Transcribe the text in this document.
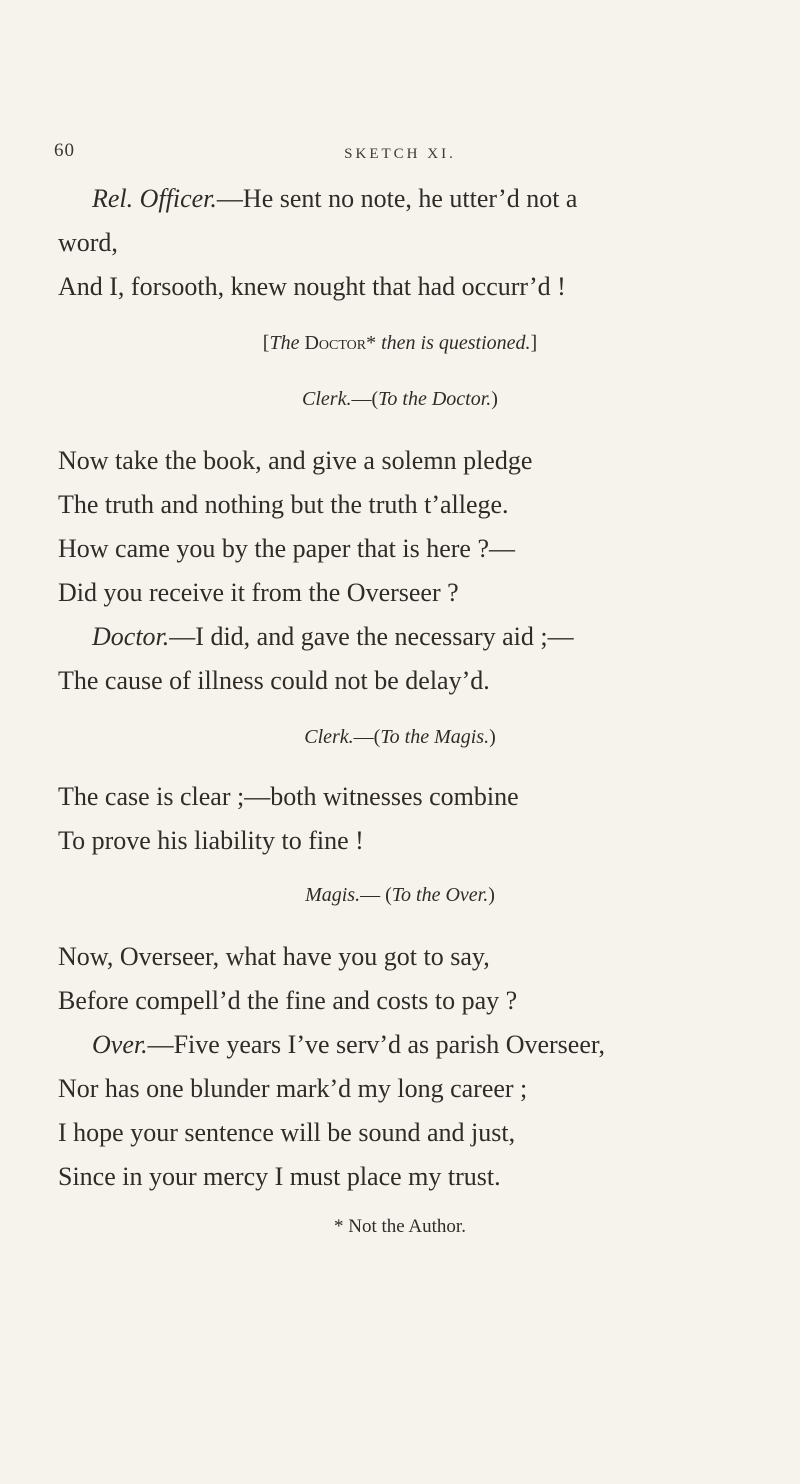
60	SKETCH XI.
Rel. Officer.—He sent no note, he utter’d not a
word,
And I, forsooth, knew nought that had occurr’d !
[The Doctor* then is questioned.]
Clerk.—(To the Doctor.)
Now take the book, and give a solemn pledge
The truth and nothing but the truth t’allege.
How came you by the paper that is here ?—
Did you receive it from the Overseer ?
Doctor.—I did, and gave the necessary aid ;—
The cause of illness could not be delay’d.
Clerk.—(To the Magis.)
The case is clear ;—both witnesses combine
To prove his liability to fine !
Magis.— (To the Over.)
Now, Overseer, what have you got to say,
Before compell’d the fine and costs to pay ?
Over.—Five years I’ve serv’d as parish Overseer,
Nor has one blunder mark’d my long career ;
I hope your sentence will be sound and just,
Since in your mercy I must place my trust.
* Not the Author.
